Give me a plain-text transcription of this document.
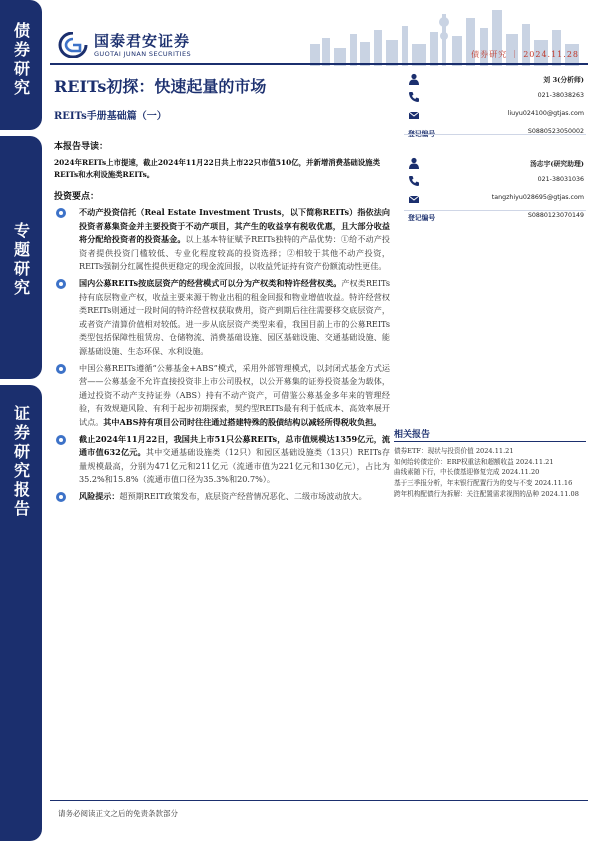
债券研究
专题研究
证券研究报告
国泰君安证券
GUOTAI JUNAN SECURITIES	债券研究 ｜ 2024.11.28
REITs初探：快速起量的市场
REITs手册基础篇（一）
刘 3(分析师)
021-38038263
liuyu024100@gtjas.com
登记编号	S0880523050002
汤志宇(研究助理)
021-38031036
tangzhiyu028695@gtjas.com
登记编号	S0880123070149
本报告导读：
2024年REITs上市提速，截止2024年11月22日共上市22只市值510亿，并新增消费基础设施类REITs和水利设施类REITs。
投资要点：
不动产投资信托（Real Estate Investment Trusts，以下简称REITs）指依法向投资者募集资金并主要投资于不动产项目，其产生的收益享有税收优惠，且大部分收益将分配给投资者的投资基金。以上基本特征赋予REITs独特的产品优势：①给不动产投资者提供投资门槛较低、专业化程度较高的投资选择；②相较于其他不动产投资，REITs强制分红属性提供更稳定的现金流回报，以收益凭证持有资产份额流动性更佳。
国内公募REITs按底层资产的经营模式可以分为产权类和特许经营权类。产权类REITs持有底层物业产权，收益主要来源于物业出租的租金回报和物业增值收益。特许经营权类REITs则通过一段时间的特许经营权获取费用，资产到期后往往需要移交底层资产，或者资产清算价值相对较低。进一步从底层资产类型来看，我国目前上市的公募REITs类型包括保障性租赁房、仓储物流、消费基础设施、园区基础设施、交通基础设施、能源基础设施、生态环保、水利设施。
中国公募REITs遵循“公募基金+ABS”模式，采用外部管理模式，以封闭式基金方式运营——公募基金不允许直接投资非上市公司股权，以公开募集的证券投资基金为载体，通过投资不动产支持证券（ABS）持有不动产资产，可借鉴公募基金多年来的管理经验，有效规避风险、有利于起步初期探索，契约型REITs最有利于低成本、高效率展开试点。其中ABS持有项目公司时往往通过搭建特殊的股债结构以减轻所得税收负担。
截止2024年11月22日，我国共上市51只公募REITs，总市值规模达1359亿元，流通市值632亿元。其中交通基础设施类（12只）和园区基础设施类（13只）REITs存量规模最高，分别为471亿元和211亿元（流通市值为221亿元和130亿元），占比为35.2%和15.8%（流通市值口径为35.3%和20.7%）。
风险提示：超预期REIT政策发布，底层资产经营情况恶化、二级市场波动放大。
相关报告
债券ETF：现状与投资价值 2024.11.21
如何给转债定价：ERP权重法和超额收益 2024.11.21
曲线素随下行，中长债基迎修复完成 2024.11.20
基于三季报分析，年末银行配置行为的变与不变 2024.11.16
跨年机构配债行为拆解：关注配置需求视图的品种 2024.11.08
请务必阅读正文之后的免责条款部分
